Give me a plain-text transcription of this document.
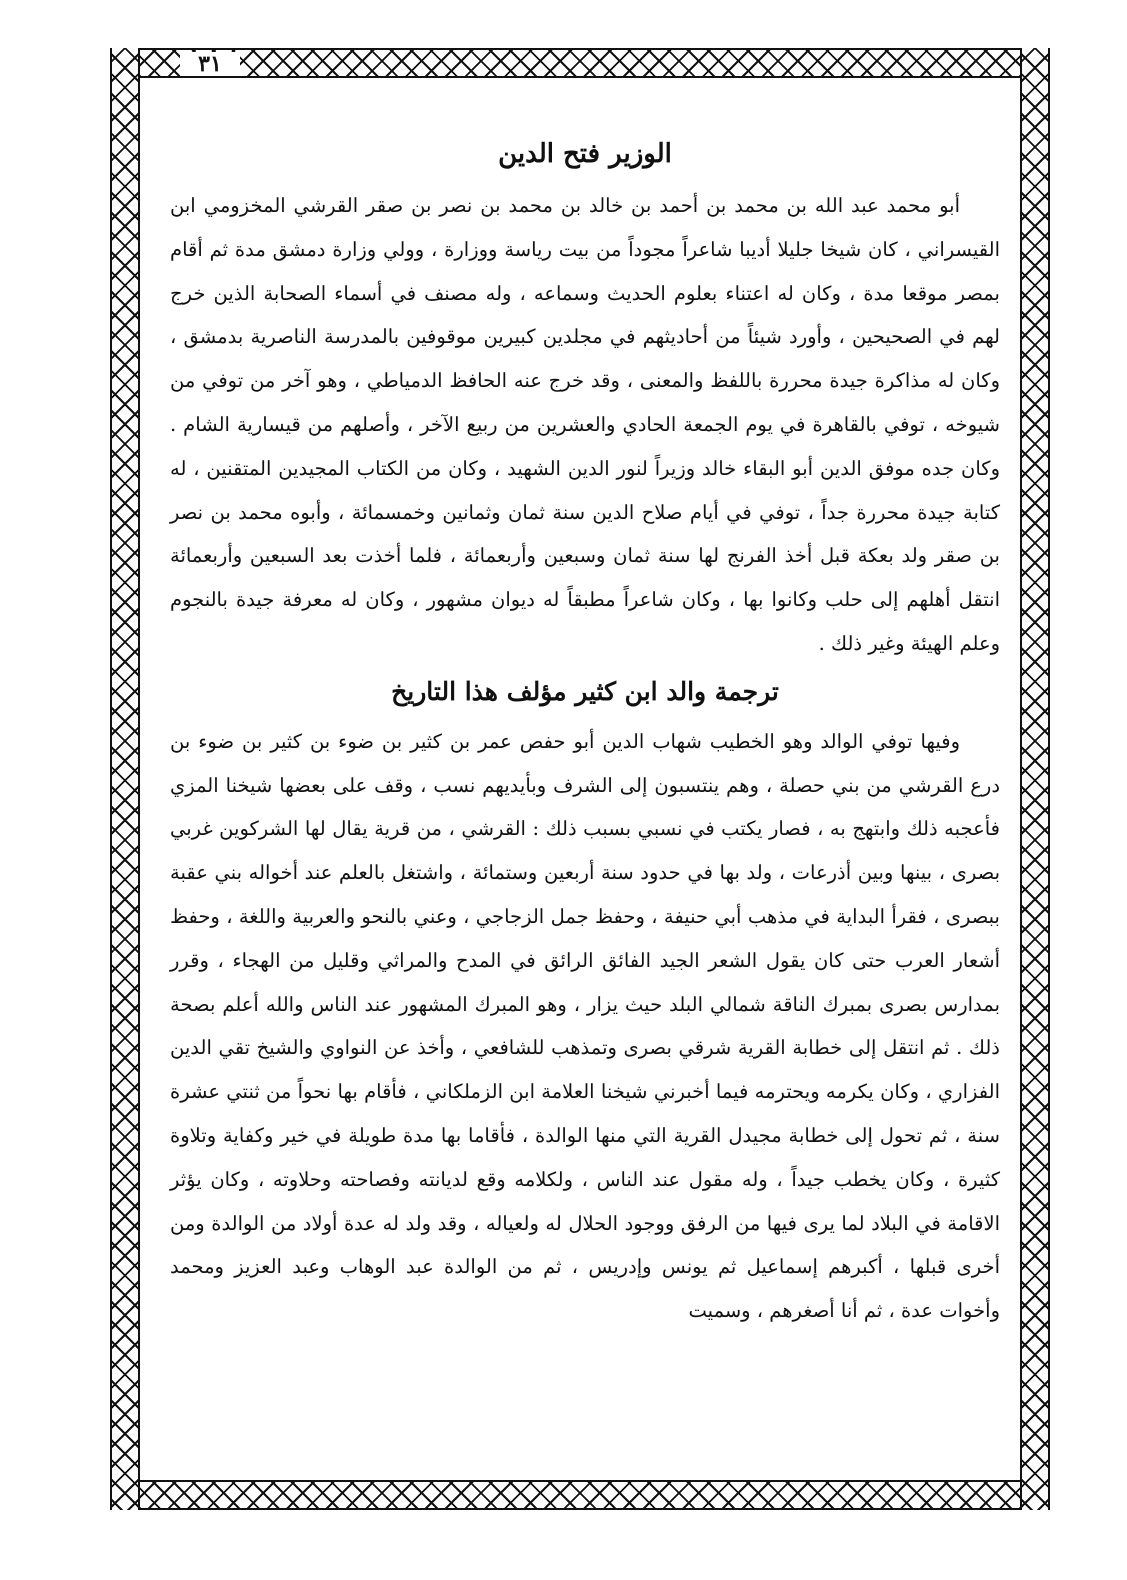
٣١
الوزير فتح الدين

أبو محمد عبد الله بن محمد بن أحمد بن خالد بن محمد بن نصر بن صقر القرشي المخزومي ابن القيسراني ، كان شيخا جليلا أديبا شاعراً مجوداً من بيت رياسة ووزارة ، وولي وزارة دمشق مدة ثم أقام بمصر موقعا مدة ، وكان له اعتناء بعلوم الحديث وسماعه ، وله مصنف في أسماء الصحابة الذين خرج لهم في الصحيحين ، وأورد شيئاً من أحاديثهم في مجلدين كبيرين موقوفين بالمدرسة الناصرية بدمشق ، وكان له مذاكرة جيدة محررة باللفظ والمعنى ، وقد خرج عنه الحافظ الدمياطي ، وهو آخر من توفي من شيوخه ، توفي بالقاهرة في يوم الجمعة الحادي والعشرين من ربيع الآخر ، وأصلهم من قيسارية الشام . وكان جده موفق الدين أبو البقاء خالد وزيراً لنور الدين الشهيد ، وكان من الكتاب المجيدين المتقنين ، له كتابة جيدة محررة جداً ، توفي في أيام صلاح الدين سنة ثمان وثمانين وخمسمائة ، وأبوه محمد بن نصر بن صقر ولد بعكة قبل أخذ الفرنج لها سنة ثمان وسبعين وأربعمائة ، فلما أخذت بعد السبعين وأربعمائة انتقل أهلهم إلى حلب وكانوا بها ، وكان شاعراً مطبقاً له ديوان مشهور ، وكان له معرفة جيدة بالنجوم وعلم الهيئة وغير ذلك .

ترجمة والد ابن كثير مؤلف هذا التاريخ

وفيها توفي الوالد وهو الخطيب شهاب الدين أبو حفص عمر بن كثير بن ضوء بن كثير بن ضوء بن درع القرشي من بني حصلة ، وهم ينتسبون إلى الشرف وبأيديهم نسب ، وقف على بعضها شيخنا المزي فأعجبه ذلك وابتهج به ، فصار يكتب في نسبي بسبب ذلك : القرشي ، من قرية يقال لها الشركوين غربي بصرى ، بينها وبين أذرعات ، ولد بها في حدود سنة أربعين وستمائة ، واشتغل بالعلم عند أخواله بني عقبة ببصرى ، فقرأ البداية في مذهب أبي حنيفة ، وحفظ جمل الزجاجي ، وعني بالنحو والعربية واللغة ، وحفظ أشعار العرب حتى كان يقول الشعر الجيد الفائق الرائق في المدح والمراثي وقليل من الهجاء ، وقرر بمدارس بصرى بمبرك الناقة شمالي البلد حيث يزار ، وهو المبرك المشهور عند الناس والله أعلم بصحة ذلك . ثم انتقل إلى خطابة القرية شرقي بصرى وتمذهب للشافعي ، وأخذ عن النواوي والشيخ تقي الدين الفزاري ، وكان يكرمه ويحترمه فيما أخبرني شيخنا العلامة ابن الزملكاني ، فأقام بها نحواً من ثنتي عشرة سنة ، ثم تحول إلى خطابة مجيدل القرية التي منها الوالدة ، فأقاما بها مدة طويلة في خير وكفاية وتلاوة كثيرة ، وكان يخطب جيداً ، وله مقول عند الناس ، ولكلامه وقع لديانته وفصاحته وحلاوته ، وكان يؤثر الاقامة في البلاد لما يرى فيها من الرفق ووجود الحلال له ولعياله ، وقد ولد له عدة أولاد من الوالدة ومن أخرى قبلها ، أكبرهم إسماعيل ثم يونس وإدريس ، ثم من الوالدة عبد الوهاب وعبد العزيز ومحمد وأخوات عدة ، ثم أنا أصغرهم ، وسميت
